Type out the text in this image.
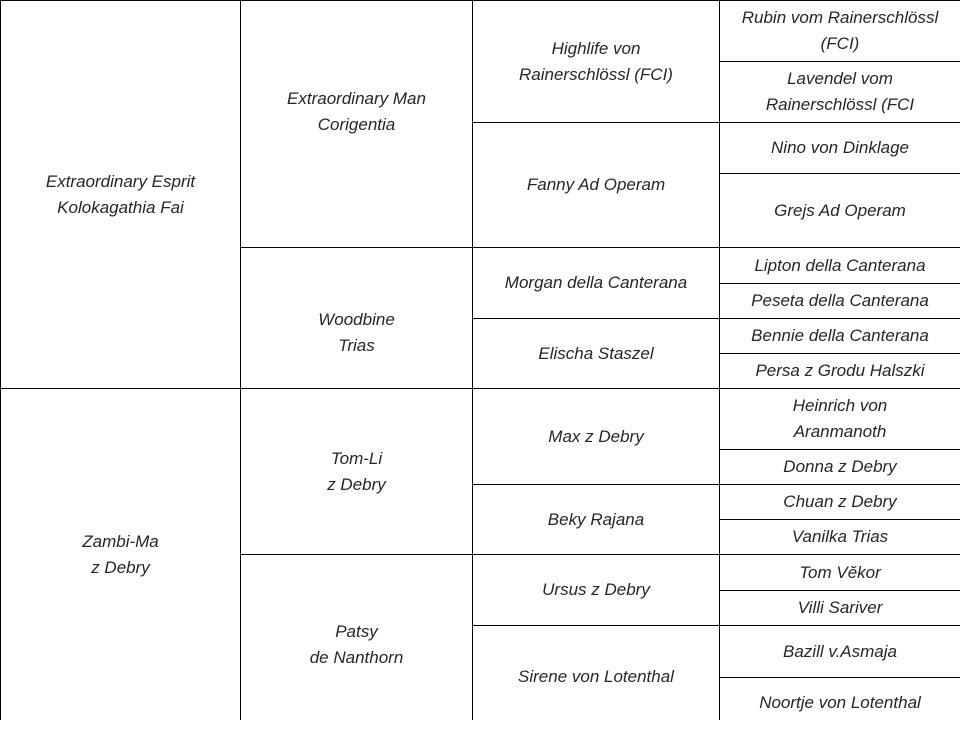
Extraordinary Esprit
Kolokagathia Fai
Zambi-Ma
z Debry
Extraordinary Man
Corigentia
Woodbine
Trias
Tom-Li
z Debry
Patsy
de Nanthorn
Highlife von
Rainerschlössl (FCI)
Fanny Ad Operam
Morgan della Canterana
Elischa Staszel
Max z Debry
Beky Rajana
Ursus z Debry
Sirene von Lotenthal
Rubin vom Rainerschlössl
(FCI)
Lavendel vom
Rainerschlössl (FCI
Nino von Dinklage
Grejs Ad Operam
Lipton della Canterana
Peseta della Canterana
Bennie della Canterana
Persa z Grodu Halszki
Heinrich von
Aranmanoth
Donna z Debry
Chuan z Debry
Vanilka Trias
Tom Vĕkor
Villi Sariver
Bazill v.Asmaja
Noortje von Lotenthal
